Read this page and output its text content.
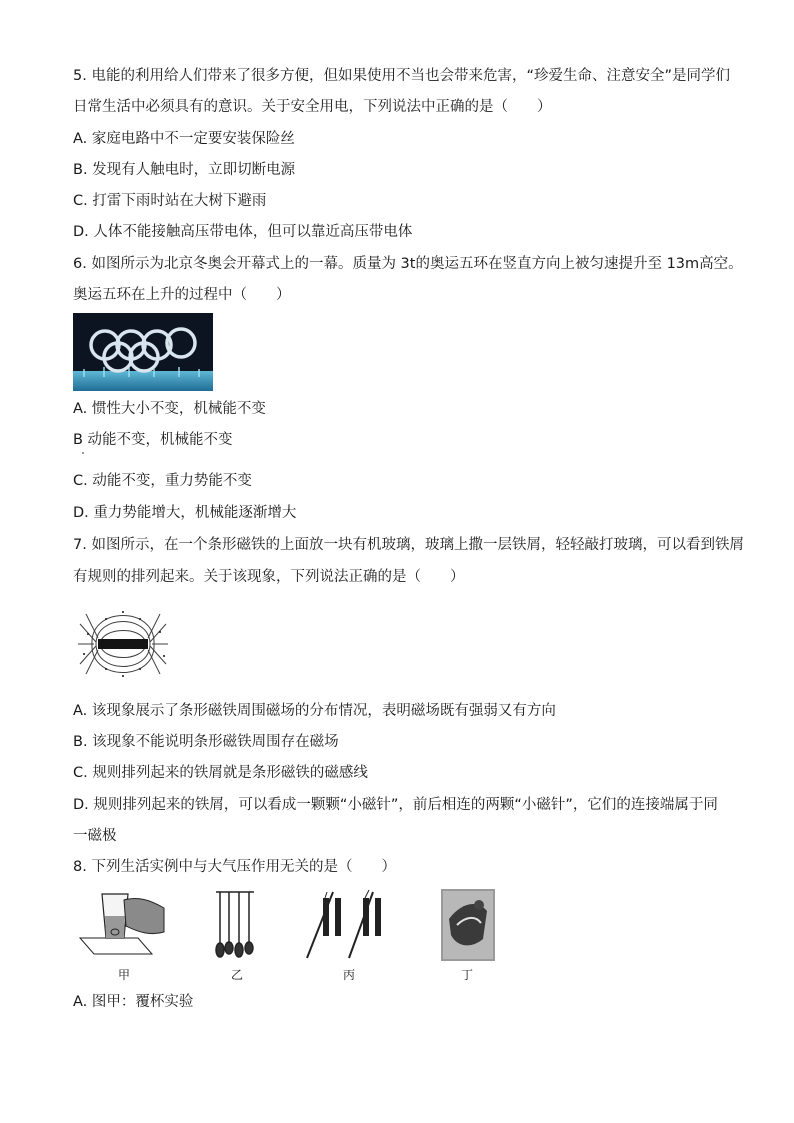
5. 电能的利用给人们带来了很多方便，但如果使用不当也会带来危害，“珍爱生命、注意安全”是同学们
日常生活中必须具有的意识。关于安全用电，下列说法中正确的是（　　）
A. 家庭电路中不一定要安装保险丝
B. 发现有人触电时，立即切断电源
C. 打雷下雨时站在大树下避雨
D. 人体不能接触高压带电体，但可以靠近高压带电体
6. 如图所示为北京冬奥会开幕式上的一幕。质量为 3t的奥运五环在竖直方向上被匀速提升至 13m高空。
奥运五环在上升的过程中（　　）
A. 惯性大小不变，机械能不变
B 动能不变，机械能不变
C. 动能不变，重力势能不变
D. 重力势能增大，机械能逐渐增大
7. 如图所示，在一个条形磁铁的上面放一块有机玻璃，玻璃上撒一层铁屑，轻轻敲打玻璃，可以看到铁屑
有规则的排列起来。关于该现象，下列说法正确的是（　　）
A. 该现象展示了条形磁铁周围磁场的分布情况，表明磁场既有强弱又有方向
B. 该现象不能说明条形磁铁周围存在磁场
C. 规则排列起来的铁屑就是条形磁铁的磁感线
D. 规则排列起来的铁屑，可以看成一颗颗“小磁针”，前后相连的两颗“小磁针”，它们的连接端属于同
一磁极
8. 下列生活实例中与大气压作用无关的是（　　）
甲	乙	丙	丁
A. 图甲：覆杯实验
